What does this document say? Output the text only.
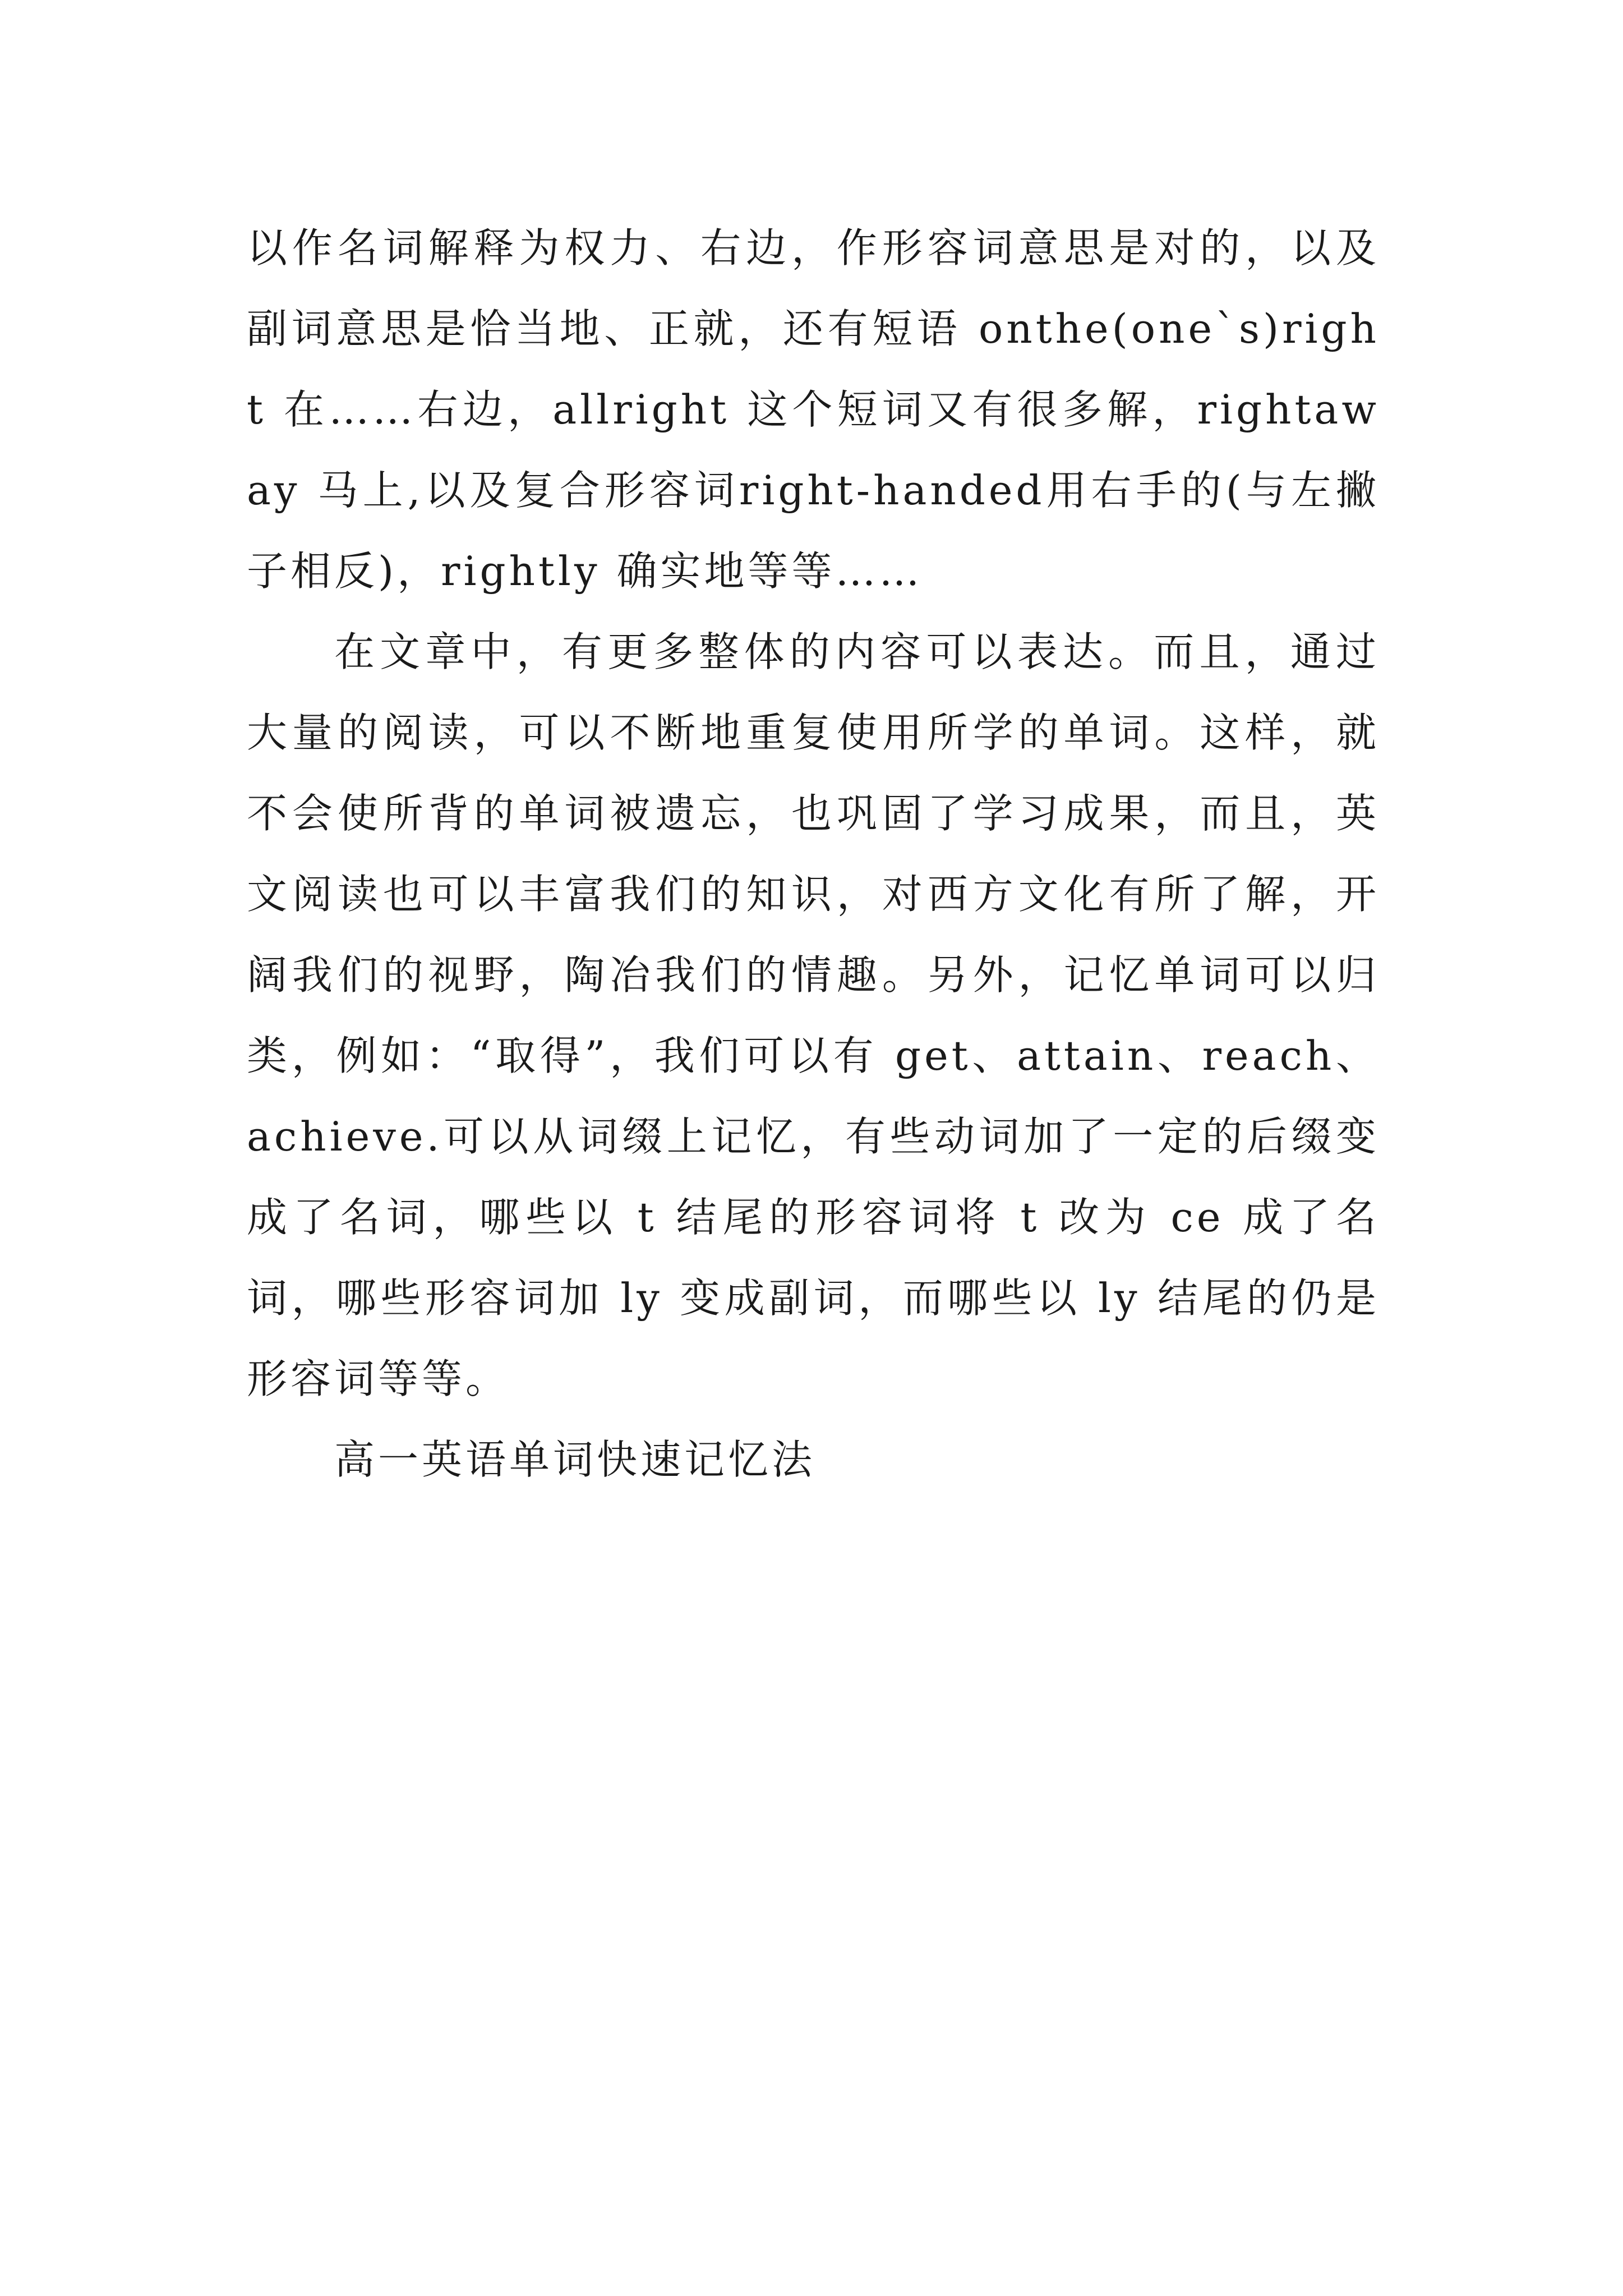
以作名词解释为权力、右边，作形容词意思是对的，以及副词意思是恰当地、正就，还有短语 onthe(one`s)right 在……右边，allright 这个短词又有很多解，rightaway 马上,以及复合形容词right-handed用右手的(与左撇子相反)，rightly 确实地等等……

在文章中，有更多整体的内容可以表达。而且，通过大量的阅读，可以不断地重复使用所学的单词。这样，就不会使所背的单词被遗忘，也巩固了学习成果，而且，英文阅读也可以丰富我们的知识，对西方文化有所了解，开阔我们的视野，陶冶我们的情趣。另外，记忆单词可以归类，例如：“取得”，我们可以有 get、attain、reach、achieve.可以从词缀上记忆，有些动词加了一定的后缀变成了名词，哪些以 t 结尾的形容词将 t 改为 ce 成了名词，哪些形容词加 ly 变成副词，而哪些以 ly 结尾的仍是形容词等等。

高一英语单词快速记忆法
